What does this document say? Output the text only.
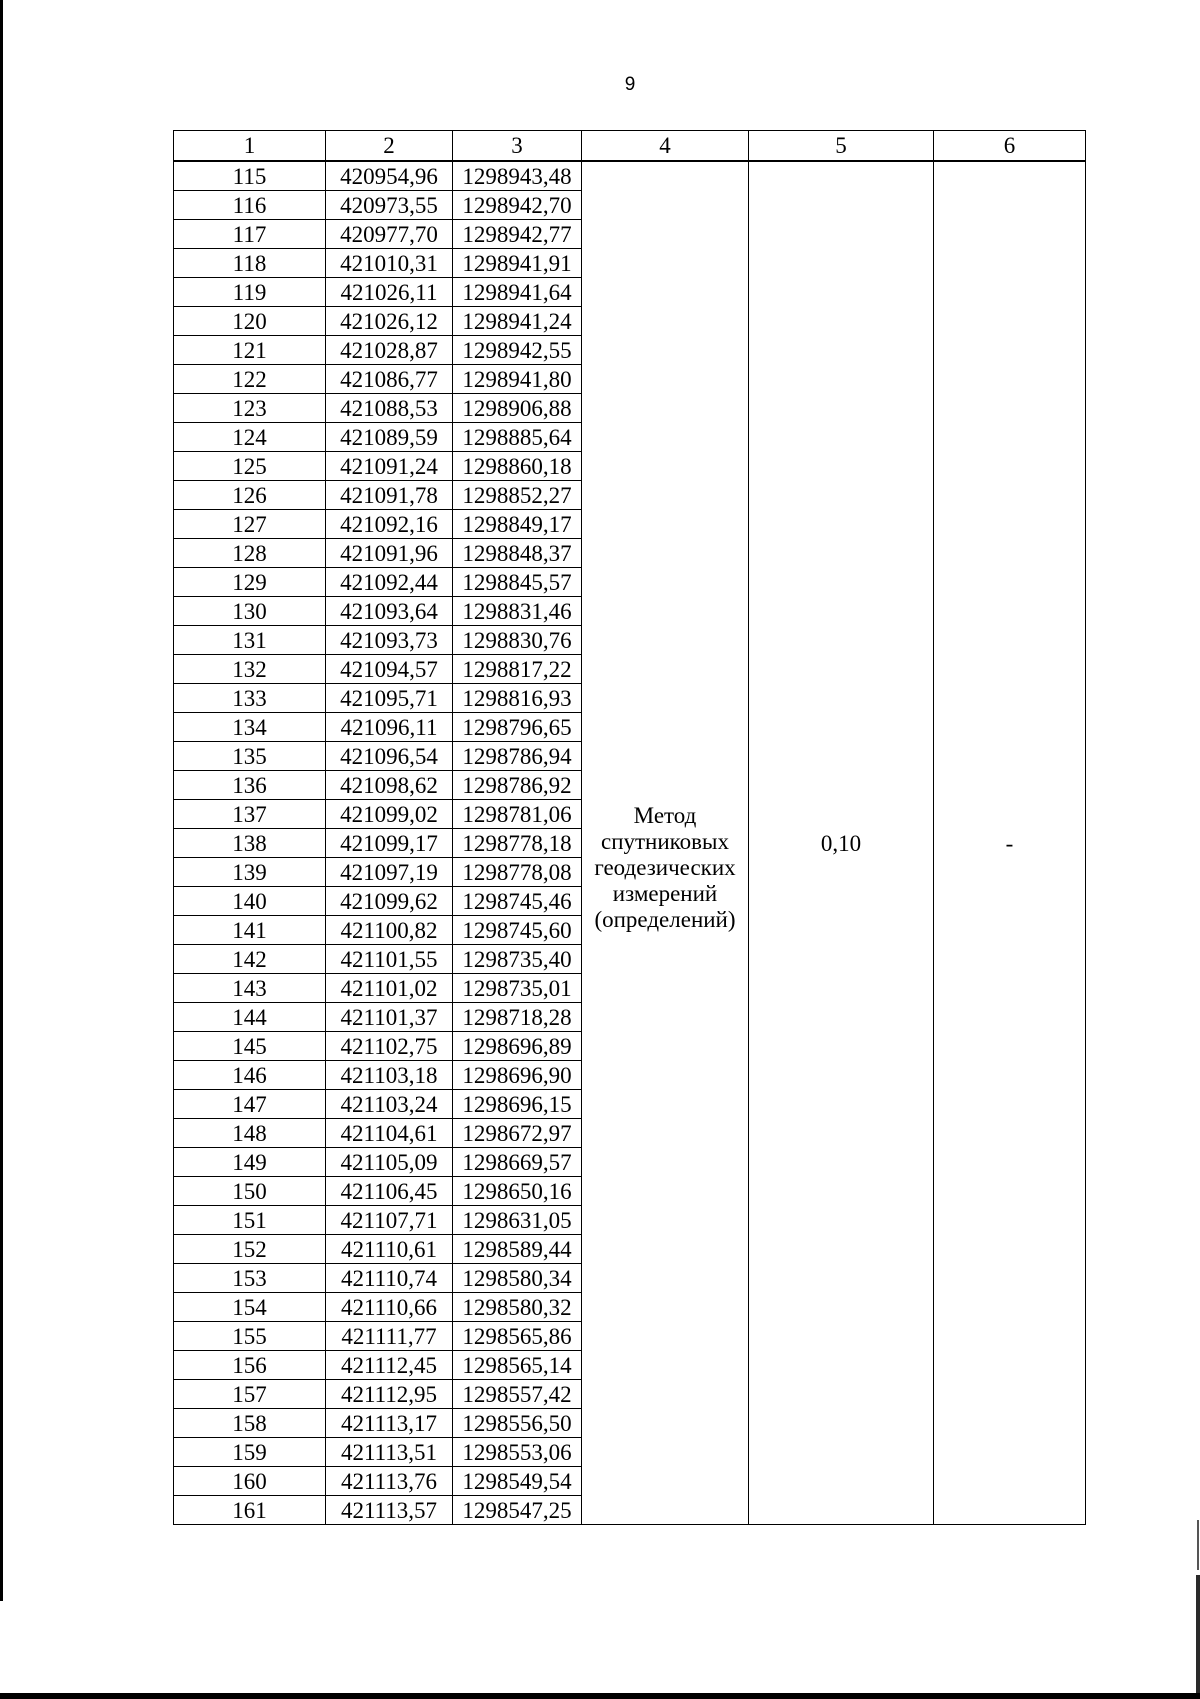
9
1	2	3	4	5	6
115	420954,96	1298943,48	Метод
спутниковых
геодезических
измерений
(определений)	0,10	-
116	420973,55	1298942,70			
117	420977,70	1298942,77			
118	421010,31	1298941,91			
119	421026,11	1298941,64			
120	421026,12	1298941,24			
121	421028,87	1298942,55			
122	421086,77	1298941,80			
123	421088,53	1298906,88			
124	421089,59	1298885,64			
125	421091,24	1298860,18			
126	421091,78	1298852,27			
127	421092,16	1298849,17			
128	421091,96	1298848,37			
129	421092,44	1298845,57			
130	421093,64	1298831,46			
131	421093,73	1298830,76			
132	421094,57	1298817,22			
133	421095,71	1298816,93			
134	421096,11	1298796,65			
135	421096,54	1298786,94			
136	421098,62	1298786,92			
137	421099,02	1298781,06			
138	421099,17	1298778,18			
139	421097,19	1298778,08			
140	421099,62	1298745,46			
141	421100,82	1298745,60			
142	421101,55	1298735,40			
143	421101,02	1298735,01			
144	421101,37	1298718,28			
145	421102,75	1298696,89			
146	421103,18	1298696,90			
147	421103,24	1298696,15			
148	421104,61	1298672,97			
149	421105,09	1298669,57			
150	421106,45	1298650,16			
151	421107,71	1298631,05			
152	421110,61	1298589,44			
153	421110,74	1298580,34			
154	421110,66	1298580,32			
155	421111,77	1298565,86			
156	421112,45	1298565,14			
157	421112,95	1298557,42			
158	421113,17	1298556,50			
159	421113,51	1298553,06			
160	421113,76	1298549,54			
161	421113,57	1298547,25			
